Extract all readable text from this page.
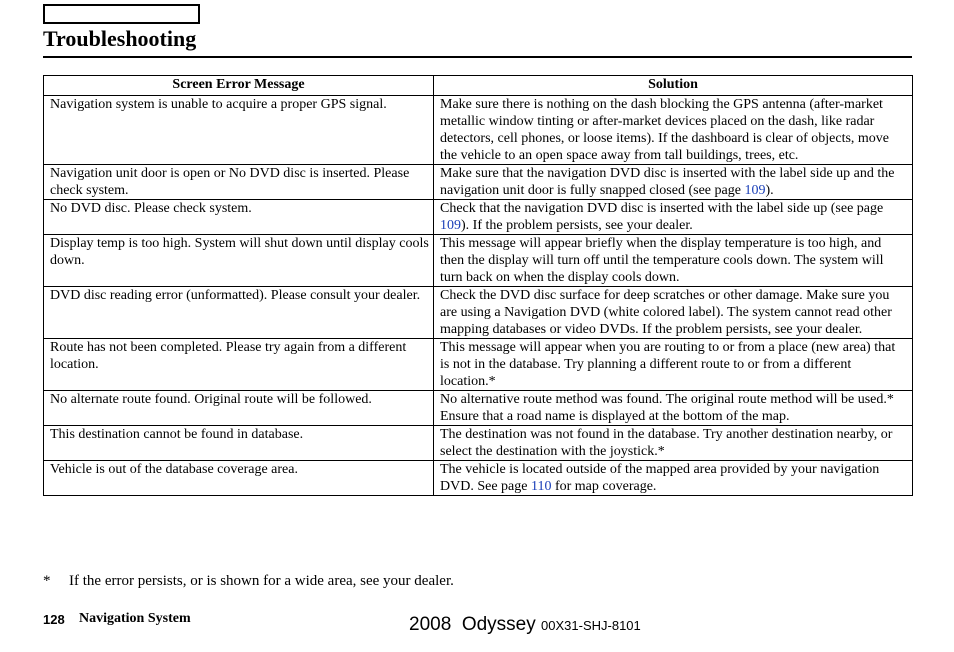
Troubleshooting
Screen Error Message	Solution
Navigation system is unable to acquire a proper GPS signal.	Make sure there is nothing on the dash blocking the GPS antenna (after-market metallic window tinting or after-market devices placed on the dash, like radar detectors, cell phones, or loose items). If the dashboard is clear of objects, move the vehicle to an open space away from tall buildings, trees, etc.
Navigation unit door is open or No DVD disc is inserted. Please check system.	Make sure that the navigation DVD disc is inserted with the label side up and the navigation unit door is fully snapped closed (see page 109).
No DVD disc. Please check system.	Check that the navigation DVD disc is inserted with the label side up (see page 109). If the problem persists, see your dealer.
Display temp is too high. System will shut down until display cools down.	This message will appear briefly when the display temperature is too high, and then the display will turn off until the temperature cools down. The system will turn back on when the display cools down.
DVD disc reading error (unformatted). Please consult your dealer.	Check the DVD disc surface for deep scratches or other damage. Make sure you are using a Navigation DVD (white colored label). The system cannot read other mapping databases or video DVDs. If the problem persists, see your dealer.
Route has not been completed. Please try again from a different location.	This message will appear when you are routing to or from a place (new area) that is not in the database. Try planning a different route to or from a different location.*
No alternate route found. Original route will be followed.	No alternative route method was found. The original route method will be used.*
Ensure that a road name is displayed at the bottom of the map.

This destination cannot be found in database.	The destination was not found in the database. Try another destination nearby, or select the destination with the joystick.*
Vehicle is out of the database coverage area.	The vehicle is located outside of the mapped area provided by your navigation DVD. See page 110 for map coverage.
* If the error persists, or is shown for a wide area, see your dealer.
128 Navigation System	2008  Odyssey 00X31-SHJ-8101
